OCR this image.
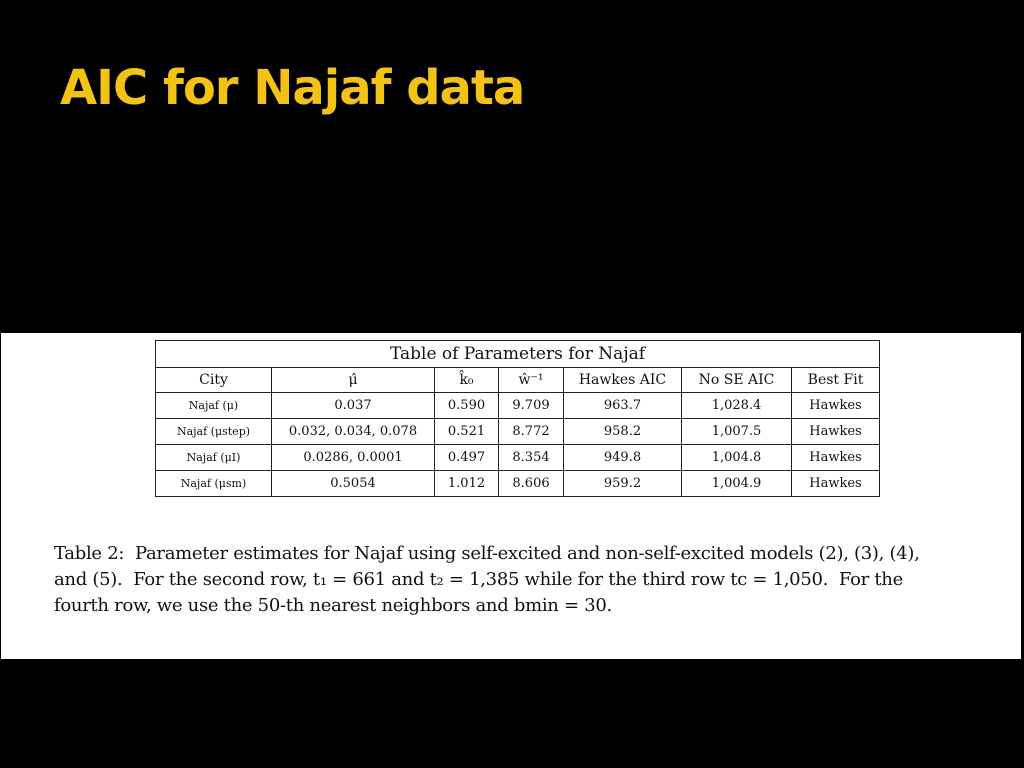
AIC for Najaf data
Table of Parameters for Najaf						
City	μ̂	k̂₀	ŵ⁻¹	Hawkes AIC	No SE AIC	Best Fit
Najaf (μ)	0.037	0.590	9.709	963.7	1,028.4	Hawkes
Najaf (μstep)	0.032, 0.034, 0.078	0.521	8.772	958.2	1,007.5	Hawkes
Najaf (μI)	0.0286, 0.0001	0.497	8.354	949.8	1,004.8	Hawkes
Najaf (μsm)	0.5054	1.012	8.606	959.2	1,004.9	Hawkes
Table 2:  Parameter estimates for Najaf using self-excited and non-self-excited models (2), (3), (4),
and (5).  For the second row, t₁ = 661 and t₂ = 1,385 while for the third row tc = 1,050.  For the
fourth row, we use the 50-th nearest neighbors and bmin = 30.
